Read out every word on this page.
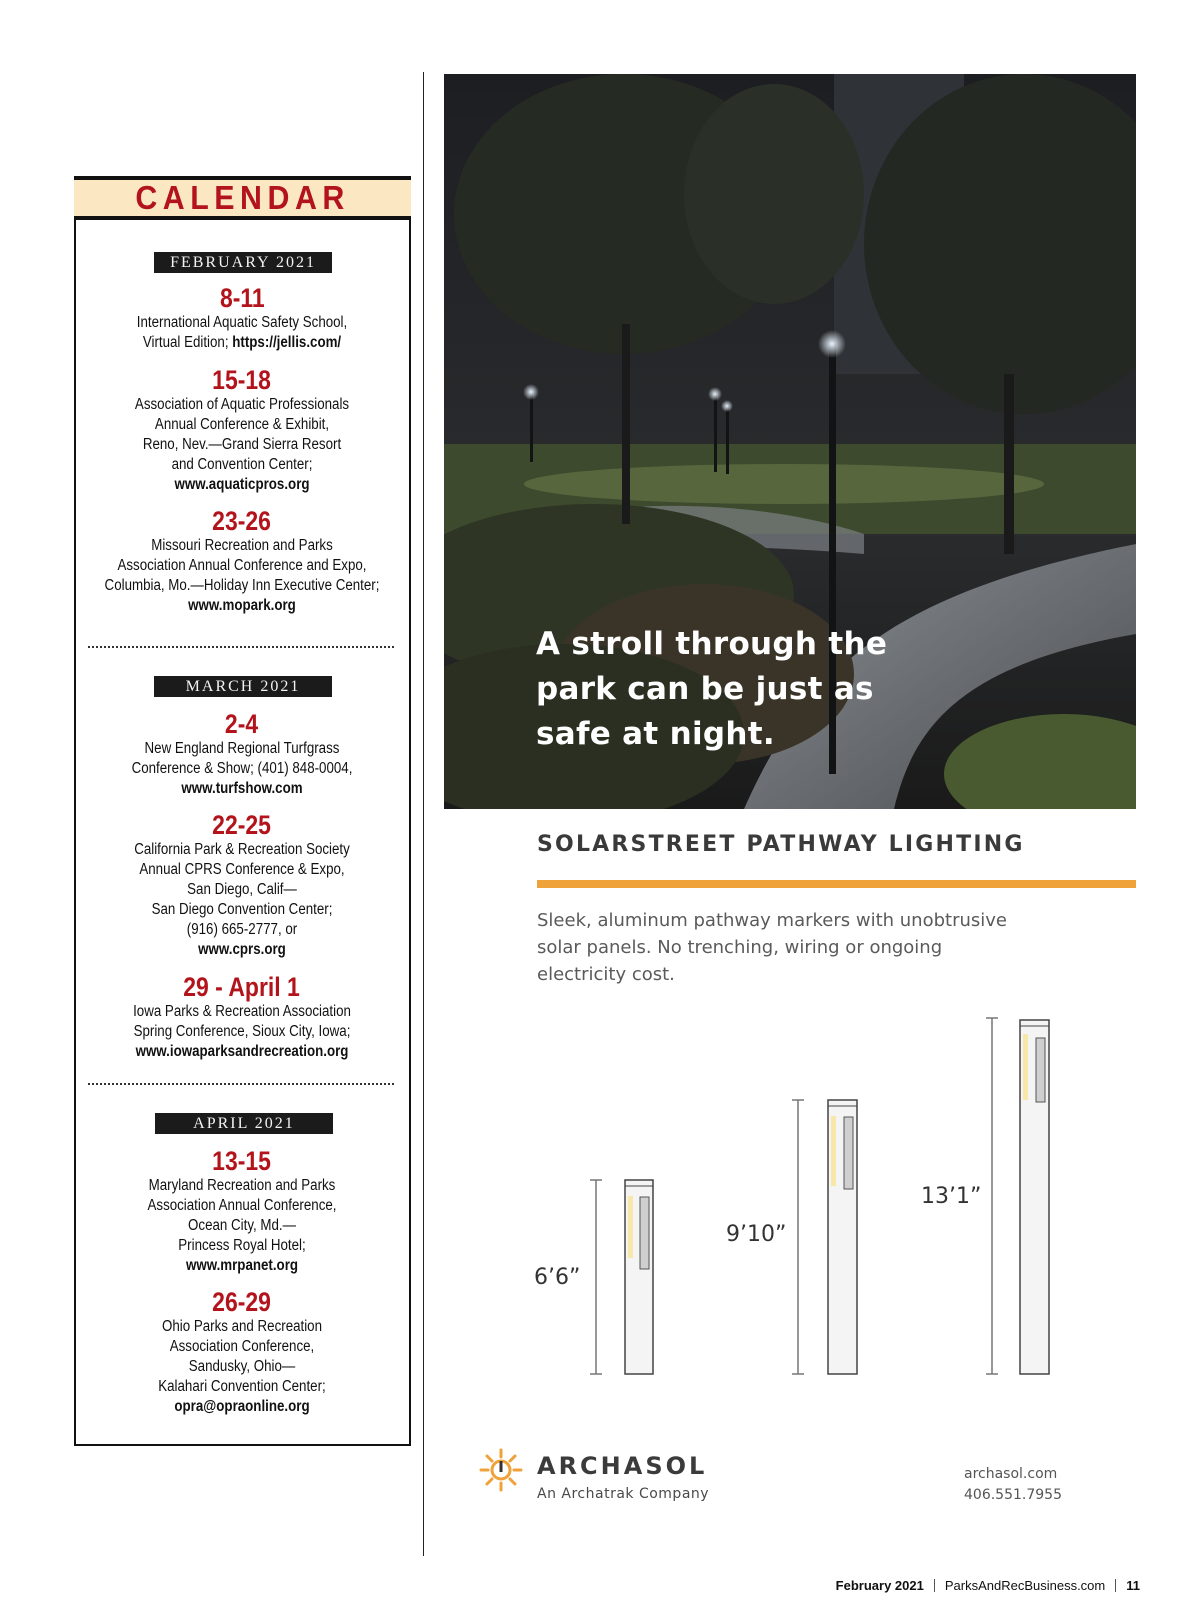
CALENDAR
FEBRUARY 2021
8-11
International Aquatic Safety School,
Virtual Edition; https://jellis.com/
15-18
Association of Aquatic Professionals
Annual Conference & Exhibit,
Reno, Nev.—Grand Sierra Resort
and Convention Center;
www.aquaticpros.org
23-26
Missouri Recreation and Parks
Association Annual Conference and Expo,
Columbia, Mo.—Holiday Inn Executive Center;
www.mopark.org
MARCH 2021
2-4
New England Regional Turfgrass
Conference & Show; (401) 848-0004,
www.turfshow.com
22-25
California Park & Recreation Society
Annual CPRS Conference & Expo,
San Diego, Calif—
San Diego Convention Center;
(916) 665-2777, or
www.cprs.org
29 - April 1
Iowa Parks & Recreation Association
Spring Conference, Sioux City, Iowa;
www.iowaparksandrecreation.org
APRIL 2021
13-15
Maryland Recreation and Parks
Association Annual Conference,
Ocean City, Md.—
Princess Royal Hotel;
www.mrpanet.org
26-29
Ohio Parks and Recreation
Association Conference,
Sandusky, Ohio—
Kalahari Convention Center;
opra@opraonline.org
A stroll through the
park can be just as
safe at night.
SOLARSTREET PATHWAY LIGHTING
Sleek, aluminum pathway markers with unobtrusive
solar panels. No trenching, wiring or ongoing
electricity cost.
6’6”
9’10”
13’1”
ARCHASOL
An Archatrak Company
archasol.com
406.551.7955
February 2021 ParksAndRecBusiness.com 11
